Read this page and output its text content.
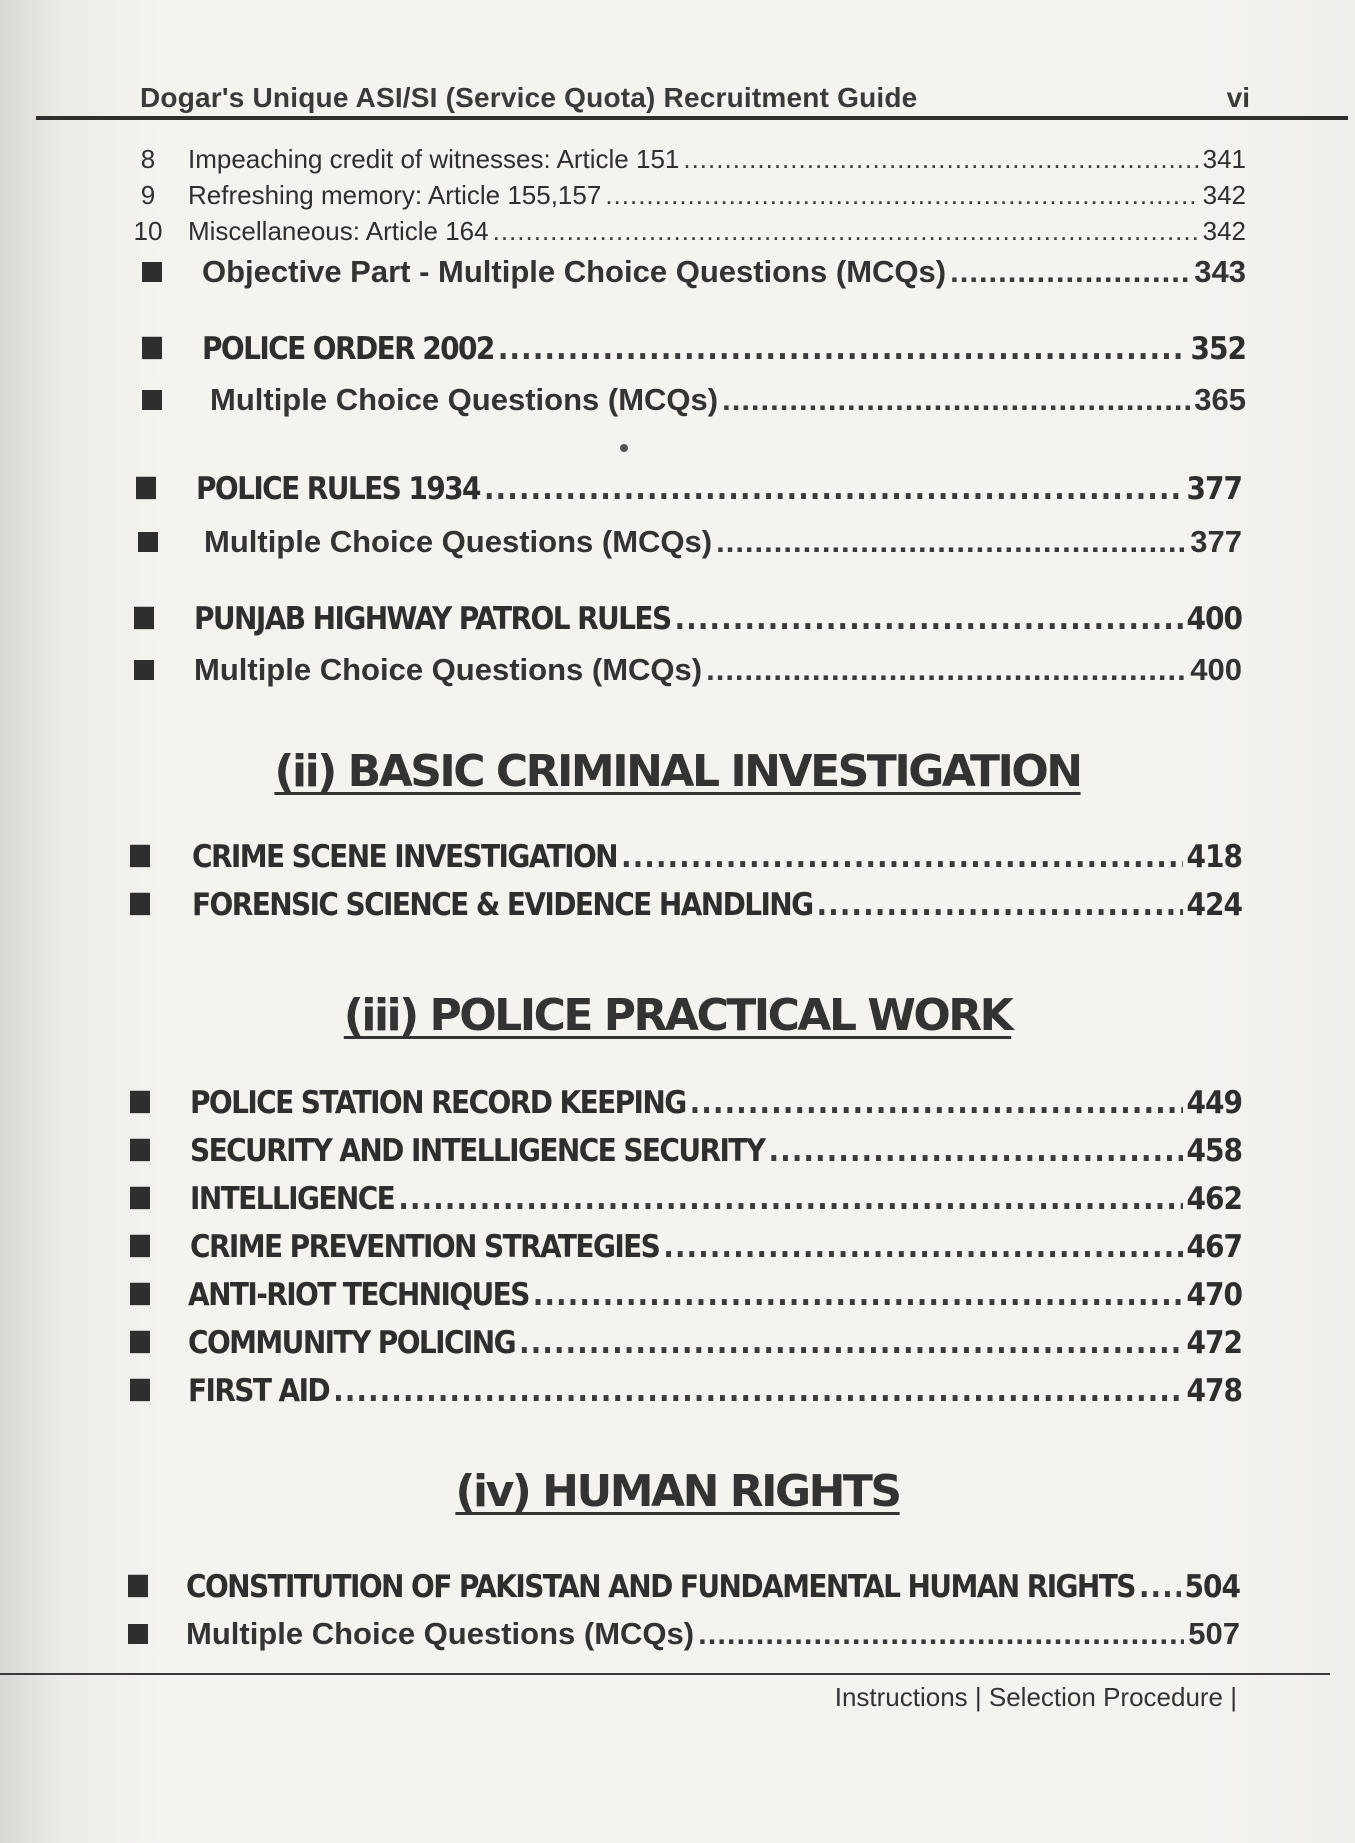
Dogar's Unique ASI/SI (Service Quota) Recruitment Guide	vi
8	Impeaching credit of witnesses: Article 151 .....	341
9	Refreshing memory: Article 155,157 .....	342
10 Miscellaneous: Article 164 .....	342
Objective Part - Multiple Choice Questions (MCQs) .....	343
POLICE ORDER 2002 .....	352
Multiple Choice Questions (MCQs) .....	365
POLICE RULES 1934 .....	377
Multiple Choice Questions (MCQs) .....	377
PUNJAB HIGHWAY PATROL RULES .....	400
Multiple Choice Questions (MCQs) .....	400
(ii) BASIC CRIMINAL INVESTIGATION
CRIME SCENE INVESTIGATION .....	418
FORENSIC SCIENCE & EVIDENCE HANDLING .....	424
(iii) POLICE PRACTICAL WORK
POLICE STATION RECORD KEEPING .....	449
SECURITY AND INTELLIGENCE SECURITY .....	458
INTELLIGENCE .....	462
CRIME PREVENTION STRATEGIES .....	467
ANTI-RIOT TECHNIQUES .....	470
COMMUNITY POLICING .....	472
FIRST AID .....	478
(iv) HUMAN RIGHTS
CONSTITUTION OF PAKISTAN AND FUNDAMENTAL HUMAN RIGHTS ..... 504
Multiple Choice Questions (MCQs) .....	507
Instructions | Selection Procedure |
